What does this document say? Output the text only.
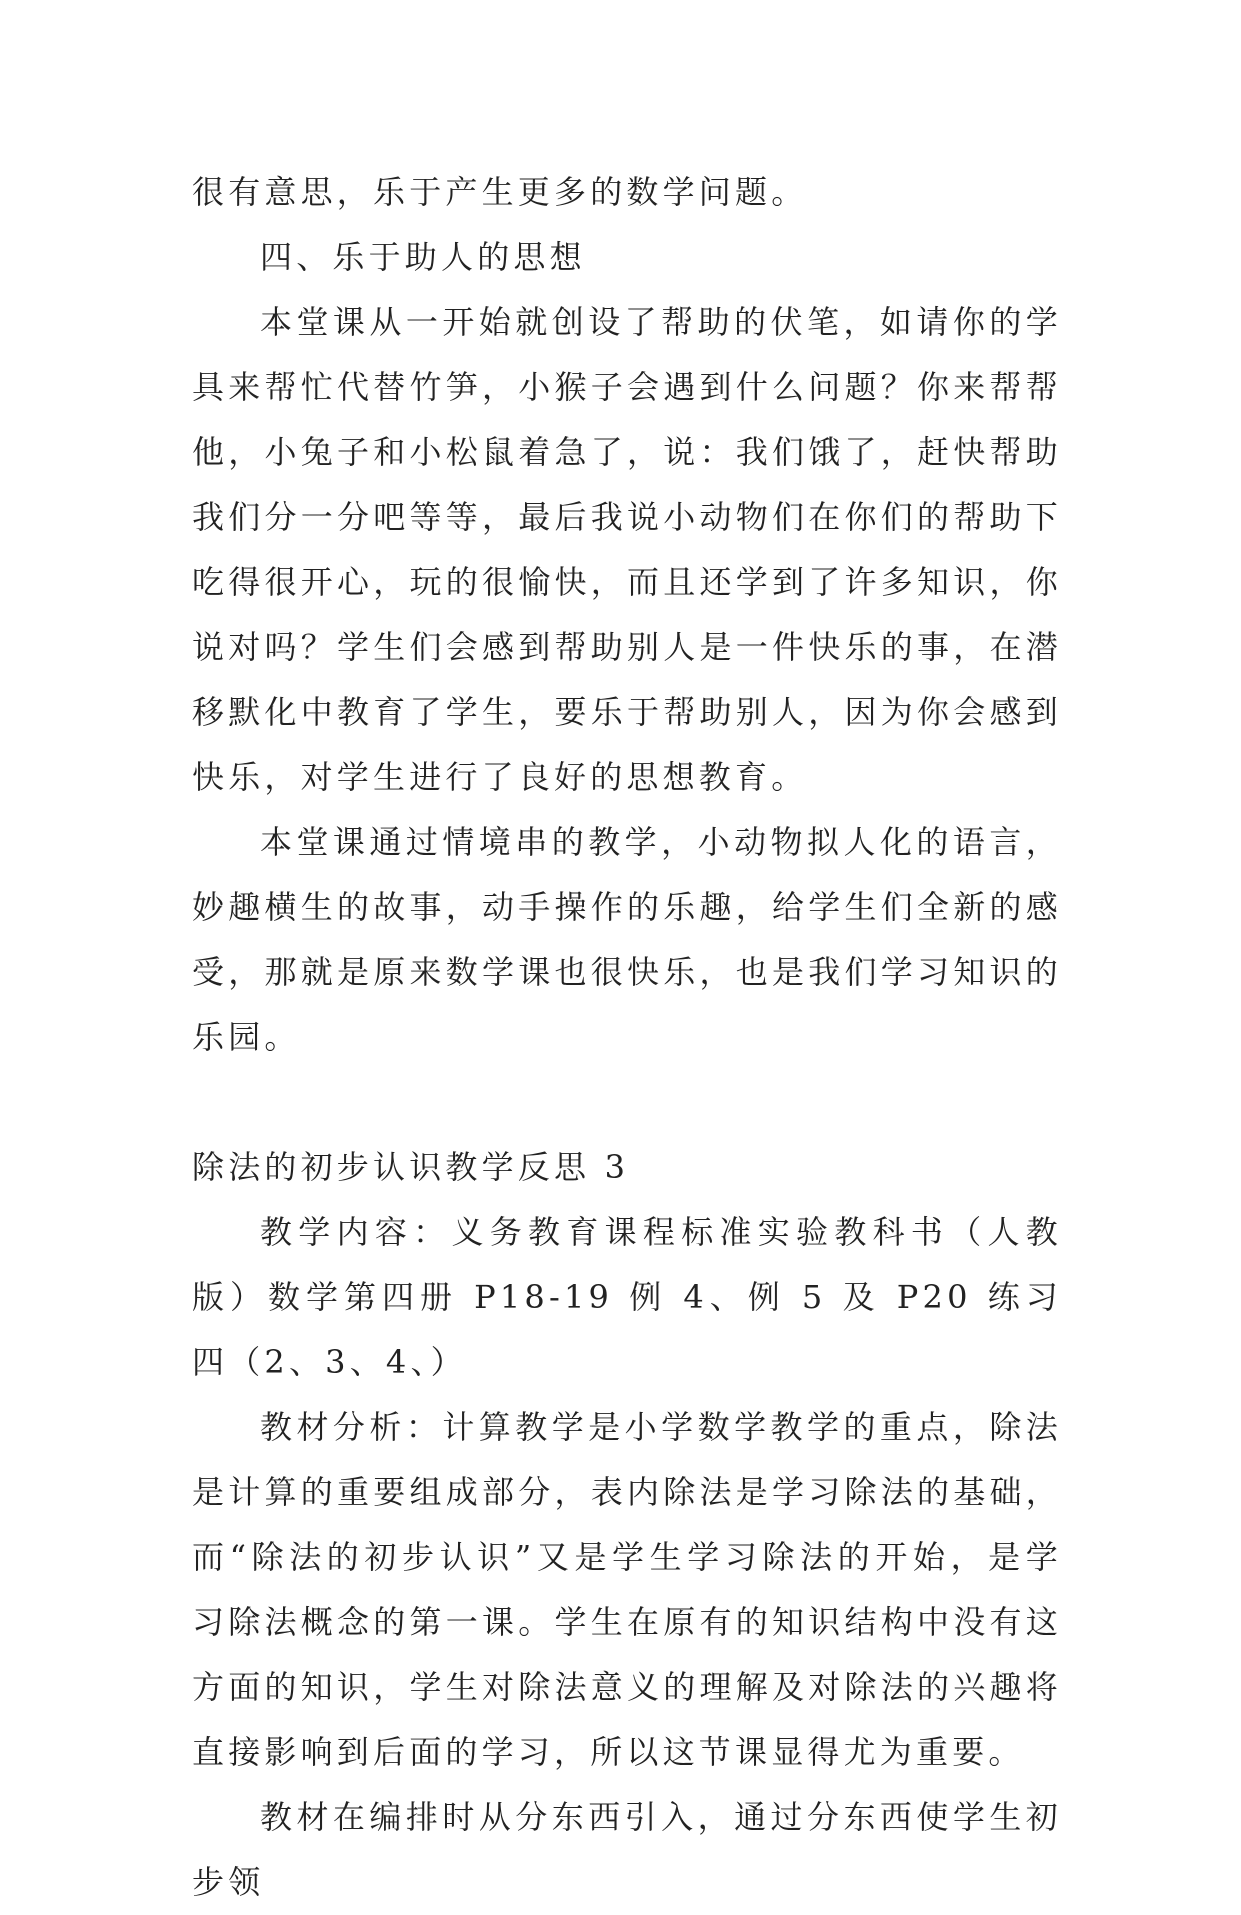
很有意思，乐于产生更多的数学问题。

四、乐于助人的思想

本堂课从一开始就创设了帮助的伏笔，如请你的学具来帮忙代替竹笋，小猴子会遇到什么问题？你来帮帮他，小兔子和小松鼠着急了，说：我们饿了，赶快帮助我们分一分吧等等，最后我说小动物们在你们的帮助下吃得很开心，玩的很愉快，而且还学到了许多知识，你说对吗？学生们会感到帮助别人是一件快乐的事，在潜移默化中教育了学生，要乐于帮助别人，因为你会感到快乐，对学生进行了良好的思想教育。

本堂课通过情境串的教学，小动物拟人化的语言，妙趣横生的故事，动手操作的乐趣，给学生们全新的感受，那就是原来数学课也很快乐，也是我们学习知识的乐园。

除法的初步认识教学反思 3

教学内容：义务教育课程标准实验教科书（人教版）数学第四册 P18-19 例 4、例 5 及 P20 练习四（2、3、4、）

教材分析：计算教学是小学数学教学的重点，除法是计算的重要组成部分，表内除法是学习除法的基础，而“除法的初步认识”又是学生学习除法的开始，是学习除法概念的第一课。学生在原有的知识结构中没有这方面的知识，学生对除法意义的理解及对除法的兴趣将直接影响到后面的学习，所以这节课显得尤为重要。

教材在编排时从分东西引入，通过分东西使学生初步领
